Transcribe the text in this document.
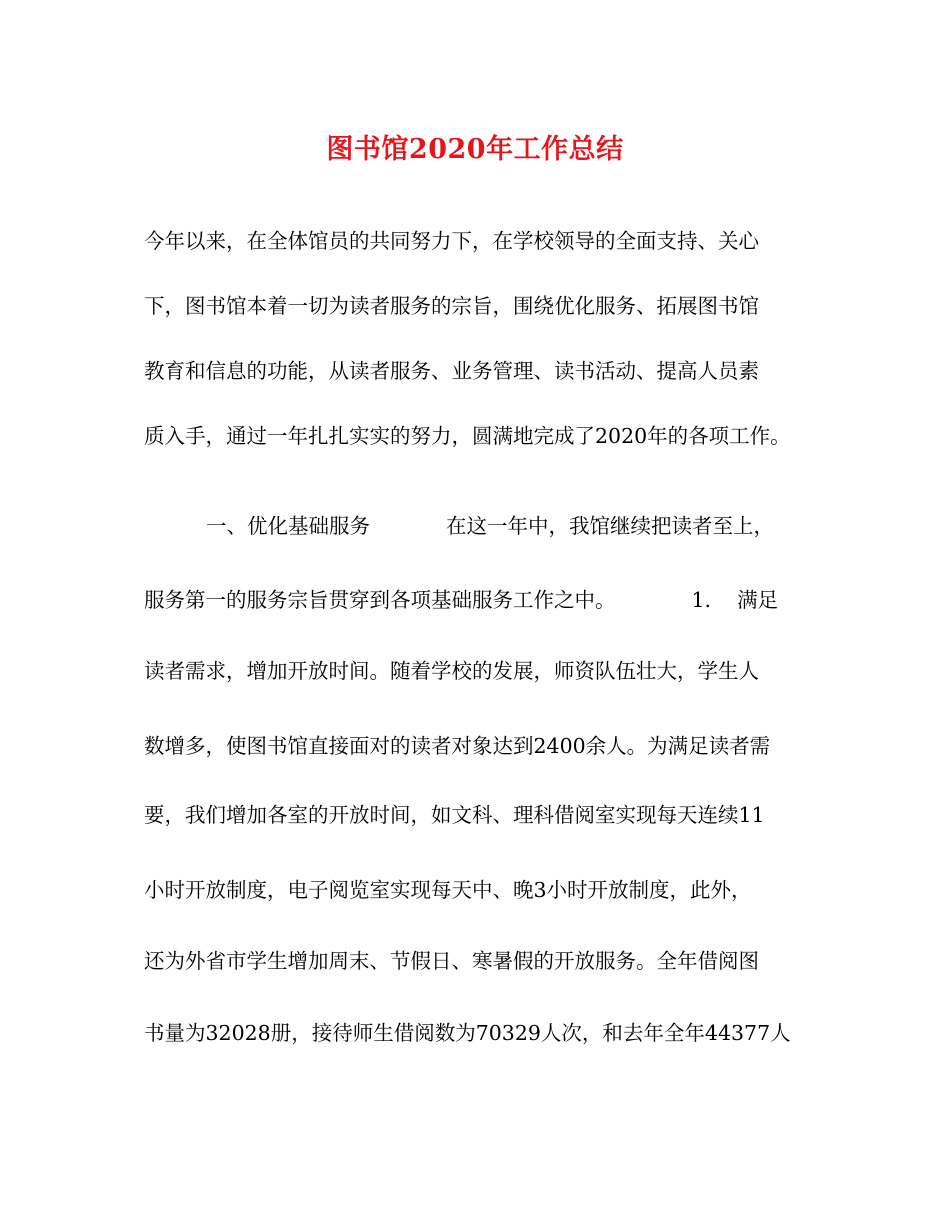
图书馆2020年工作总结
今年以来，在全体馆员的共同努力下，在学校领导的全面支持、关心
下，图书馆本着一切为读者服务的宗旨，围绕优化服务、拓展图书馆
教育和信息的功能，从读者服务、业务管理、读书活动、提高人员素
质入手，通过一年扎扎实实的努力，圆满地完成了2020年的各项工作。
一、优化基础服务	在这一年中，我馆继续把读者至上，
服务第一的服务宗旨贯穿到各项基础服务工作之中。	1. 满足
读者需求，增加开放时间。随着学校的发展，师资队伍壮大，学生人
数增多，使图书馆直接面对的读者对象达到2400余人。为满足读者需
要，我们增加各室的开放时间，如文科、理科借阅室实现每天连续11
小时开放制度，电子阅览室实现每天中、晚3小时开放制度，此外，
还为外省市学生增加周末、节假日、寒暑假的开放服务。全年借阅图
书量为32028册，接待师生借阅数为70329人次，和去年全年44377人
